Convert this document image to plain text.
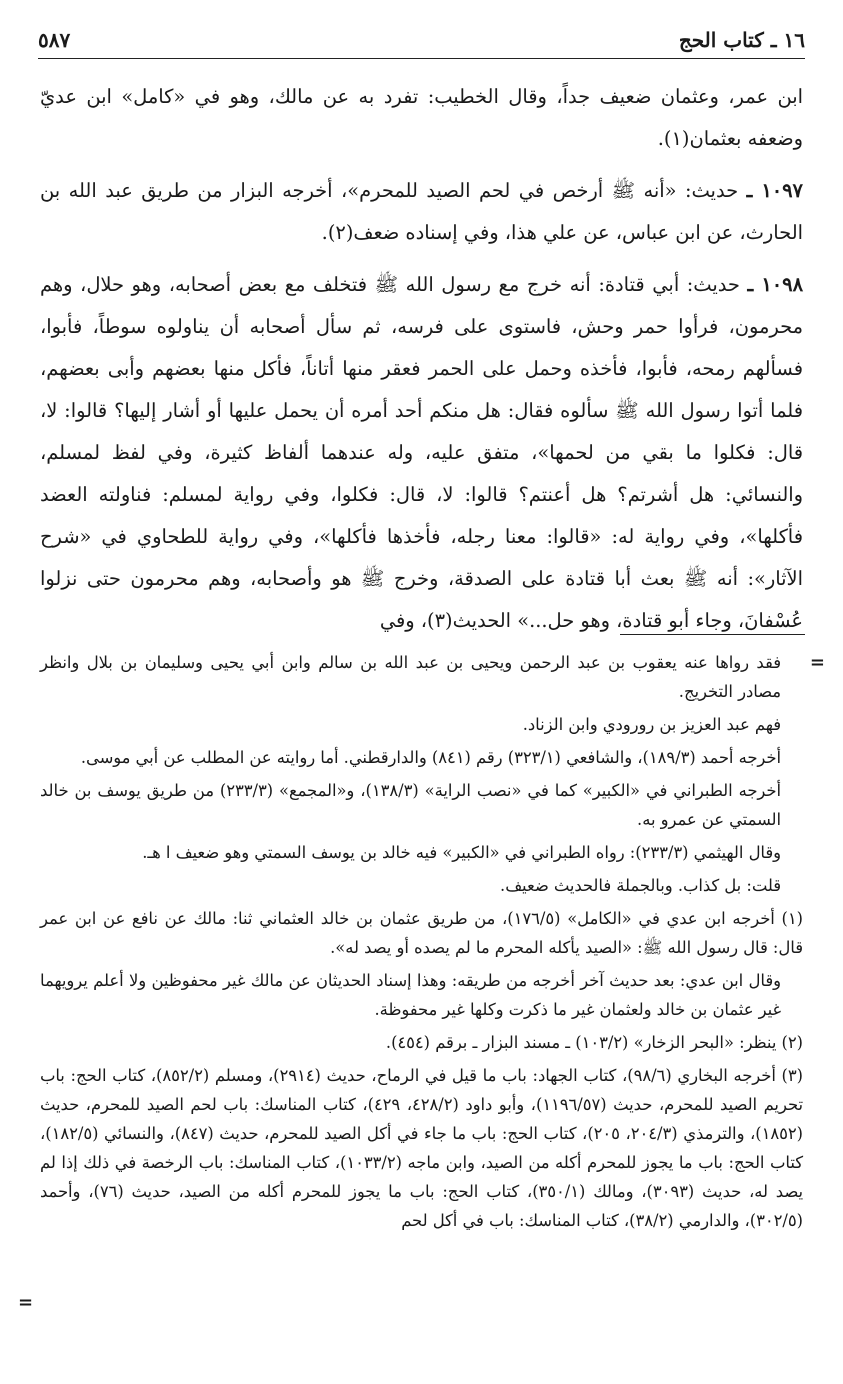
١٦ ـ كتاب الحج
٥٨٧

ابن عمر، وعثمان ضعيف جداً، وقال الخطيب: تفرد به عن مالك، وهو في «كامل» ابن عديّ وضعفه بعثمان(١).

١٠٩٧ ـ حديث: «أنه ﷺ أرخص في لحم الصيد للمحرم»، أخرجه البزار من طريق عبد الله بن الحارث، عن ابن عباس، عن علي هذا، وفي إسناده ضعف(٢).

١٠٩٨ ـ حديث: أبي قتادة: أنه خرج مع رسول الله ﷺ فتخلف مع بعض أصحابه، وهو حلال، وهم محرمون، فرأوا حمر وحش، فاستوى على فرسه، ثم سأل أصحابه أن يناولوه سوطاً، فأبوا، فسألهم رمحه، فأبوا، فأخذه وحمل على الحمر فعقر منها أتاناً، فأكل منها بعضهم وأبى بعضهم، فلما أتوا رسول الله ﷺ سألوه فقال: هل منكم أحد أمره أن يحمل عليها أو أشار إليها؟ قالوا: لا، قال: فكلوا ما بقي من لحمها»، متفق عليه، وله عندهما ألفاظ كثيرة، وفي لفظ لمسلم، والنسائي: هل أشرتم؟ هل أعنتم؟ قالوا: لا، قال: فكلوا، وفي رواية لمسلم: فناولته العضد فأكلها»، وفي رواية له: «قالوا: معنا رجله، فأخذها فأكلها»، وفي رواية للطحاوي في «شرح الآثار»: أنه ﷺ بعث أبا قتادة على الصدقة، وخرج ﷺ هو وأصحابه، وهم محرمون حتى نزلوا عُسْفانَ، وجاء أبو قتادة، وهو حل...» الحديث(٣)، وفي

=

فقد رواها عنه يعقوب بن عبد الرحمن ويحيى بن عبد الله بن سالم وابن أبي يحيى وسليمان بن بلال وانظر مصادر التخريج.

فهم عبد العزيز بن رورودي وابن الزناد.

أخرجه أحمد (١٨٩/٣)، والشافعي (٣٢٣/١) رقم (٨٤١) والدارقطني. أما روايته عن المطلب عن أبي موسى.

أخرجه الطبراني في «الكبير» كما في «نصب الراية» (١٣٨/٣)، و«المجمع» (٢٣٣/٣) من طريق يوسف بن خالد السمتي عن عمرو به.

وقال الهيثمي (٢٣٣/٣): رواه الطبراني في «الكبير» فيه خالد بن يوسف السمتي وهو ضعيف ا هـ.

قلت: بل كذاب. وبالجملة فالحديث ضعيف.

(١) أخرجه ابن عدي في «الكامل» (١٧٦/٥)، من طريق عثمان بن خالد العثماني ثنا: مالك عن نافع عن ابن عمر قال: قال رسول الله ﷺ: «الصيد يأكله المحرم ما لم يصده أو يصد له».

وقال ابن عدي: بعد حديث آخر أخرجه من طريقه: وهذا إسناد الحديثان عن مالك غير محفوظين ولا أعلم يرويهما غير عثمان بن خالد ولعثمان غير ما ذكرت وكلها غير محفوظة.

(٢) ينظر: «البحر الزخار» (١٠٣/٢) ـ مسند البزار ـ برقم (٤٥٤).

(٣) أخرجه البخاري (٩٨/٦)، كتاب الجهاد: باب ما قيل في الرماح، حديث (٢٩١٤)، ومسلم (٨٥٢/٢)، كتاب الحج: باب تحريم الصيد للمحرم، حديث (١١٩٦/٥٧)، وأبو داود (٤٢٨/٢، ٤٢٩)، كتاب المناسك: باب لحم الصيد للمحرم، حديث (١٨٥٢)، والترمذي (٢٠٤/٣، ٢٠٥)، كتاب الحج: باب ما جاء في أكل الصيد للمحرم، حديث (٨٤٧)، والنسائي (١٨٢/٥)، كتاب الحج: باب ما يجوز للمحرم أكله من الصيد، وابن ماجه (١٠٣٣/٢)، كتاب المناسك: باب الرخصة في ذلك إذا لم يصد له، حديث (٣٠٩٣)، ومالك (٣٥٠/١)، كتاب الحج: باب ما يجوز للمحرم أكله من الصيد، حديث (٧٦)، وأحمد (٣٠٢/٥)، والدارمي (٣٨/٢)، كتاب المناسك: باب في أكل لحم

=
